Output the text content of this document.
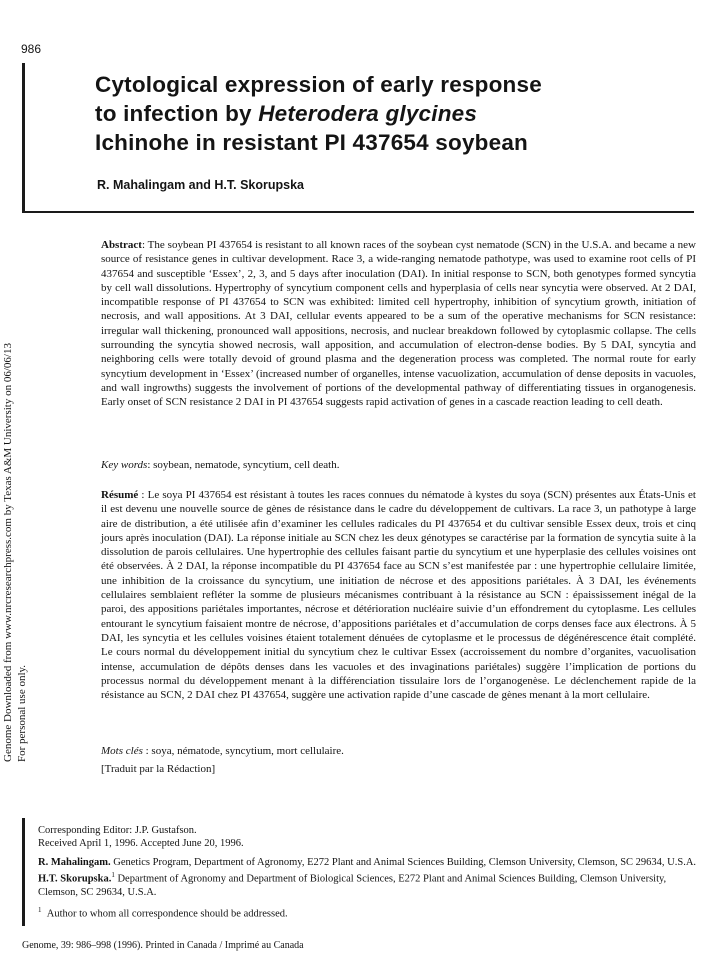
986
Cytological expression of early response
to infection by Heterodera glycines
Ichinohe in resistant PI 437654 soybean
R. Mahalingam and H.T. Skorupska
Genome Downloaded from www.nrcresearchpress.com by Texas A&M University on 06/06/13 For personal use only.

Abstract: The soybean PI 437654 is resistant to all known races of the soybean cyst nematode (SCN) in the U.S.A. and became a new source of resistance genes in cultivar development. Race 3, a wide-ranging nematode pathotype, was used to examine root cells of PI 437654 and susceptible ‘Essex’, 2, 3, and 5 days after inoculation (DAI). In initial response to SCN, both genotypes formed syncytia by cell wall dissolutions. Hypertrophy of syncytium component cells and hyperplasia of cells near syncytia were observed. At 2 DAI, incompatible response of PI 437654 to SCN was exhibited: limited cell hypertrophy, inhibition of syncytium growth, initiation of necrosis, and wall appositions. At 3 DAI, cellular events appeared to be a sum of the operative mechanisms for SCN resistance: irregular wall thickening, pronounced wall appositions, necrosis, and nuclear breakdown followed by cytoplasmic collapse. The cells surrounding the syncytia showed necrosis, wall apposition, and accumulation of electron-dense bodies. By 5 DAI, syncytia and neighboring cells were totally devoid of ground plasma and the degeneration process was completed. The normal route for early syncytium development in ‘Essex’ (increased number of organelles, intense vacuolization, accumulation of dense deposits in vacuoles, and wall ingrowths) suggests the involvement of portions of the developmental pathway of differentiating tissues in organogenesis. Early onset of SCN resistance 2 DAI in PI 437654 suggests rapid activation of genes in a cascade reaction leading to cell death.

Key words: soybean, nematode, syncytium, cell death.

Résumé : Le soya PI 437654 est résistant à toutes les races connues du nématode à kystes du soya (SCN) présentes aux États-Unis et il est devenu une nouvelle source de gènes de résistance dans le cadre du développement de cultivars. La race 3, un pathotype à large aire de distribution, a été utilisée afin d’examiner les cellules radicales du PI 437654 et du cultivar sensible Essex deux, trois et cinq jours après inoculation (DAI). La réponse initiale au SCN chez les deux génotypes se caractérise par la formation de syncytia suite à la dissolution de parois cellulaires. Une hypertrophie des cellules faisant partie du syncytium et une hyperplasie des cellules voisines ont été observées. À 2 DAI, la réponse incompatible du PI 437654 face au SCN s’est manifestée par : une hypertrophie cellulaire limitée, une inhibition de la croissance du syncytium, une initiation de nécrose et des appositions pariétales. À 3 DAI, les événements cellulaires semblaient refléter la somme de plusieurs mécanismes contribuant à la résistance au SCN : épaississement inégal de la paroi, des appositions pariétales importantes, nécrose et détérioration nucléaire suivie d’un effondrement du cytoplasme. Les cellules entourant le syncytium faisaient montre de nécrose, d’appositions pariétales et d’accumulation de corps denses face aux électrons. À 5 DAI, les syncytia et les cellules voisines étaient totalement dénuées de cytoplasme et le processus de dégénérescence était complété. Le cours normal du développement initial du syncytium chez le cultivar Essex (accroissement du nombre d’organites, vacuolisation intense, accumulation de dépôts denses dans les vacuoles et des invaginations pariétales) suggère l’implication de portions du processus normal du développement menant à la différenciation tissulaire lors de l’organogenèse. Le déclenchement rapide de la résistance au SCN, 2 DAI chez PI 437654, suggère une activation rapide d’une cascade de gènes menant à la mort cellulaire.

Mots clés : soya, nématode, syncytium, mort cellulaire.

[Traduit par la Rédaction]

Corresponding Editor: J.P. Gustafson.

Received April 1, 1996. Accepted June 20, 1996.

R. Mahalingam. Genetics Program, Department of Agronomy, E272 Plant and Animal Sciences Building, Clemson University, Clemson, SC 29634, U.S.A.

H.T. Skorupska.$^1$ Department of Agronomy and Department of Biological Sciences, E272 Plant and Animal Sciences Building, Clemson University, Clemson, SC 29634, U.S.A.

$^1$ Author to whom all correspondence should be addressed.

Genome, 39: 986–998 (1996). Printed in Canada / Imprimé au Canada
